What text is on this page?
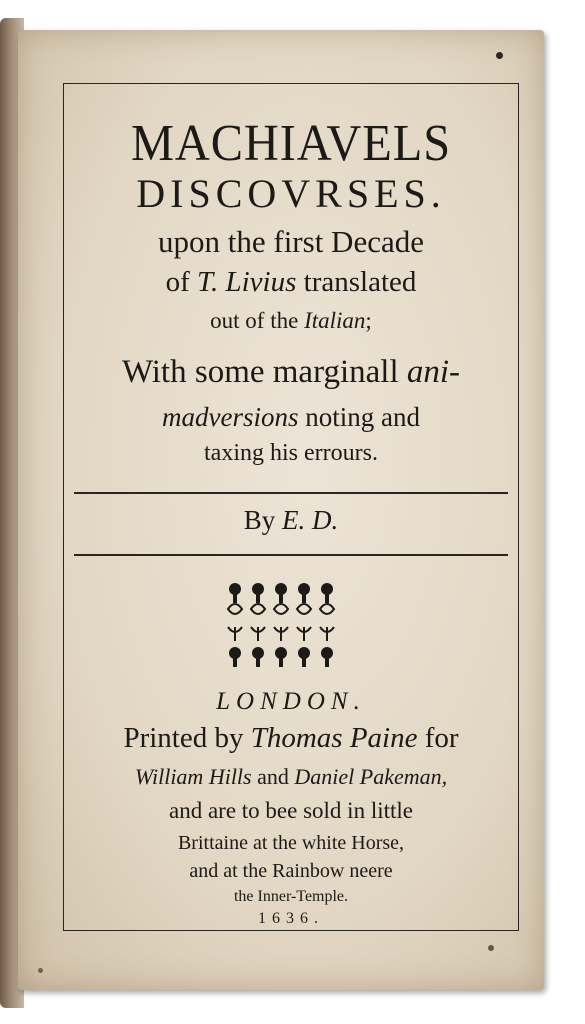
MACHIAVELS
DISCOVRSES.
upon the first Decade
of T. Livius translated
out of the Italian;
With some marginall ani-
madversions noting and
taxing his errours.
By E. D.
LONDON.
Printed by Thomas Paine for
William Hills and Daniel Pakeman,
and are to bee sold in little
Brittaine at the white Horse,
and at the Rainbow neere
the Inner-Temple.
1636.
